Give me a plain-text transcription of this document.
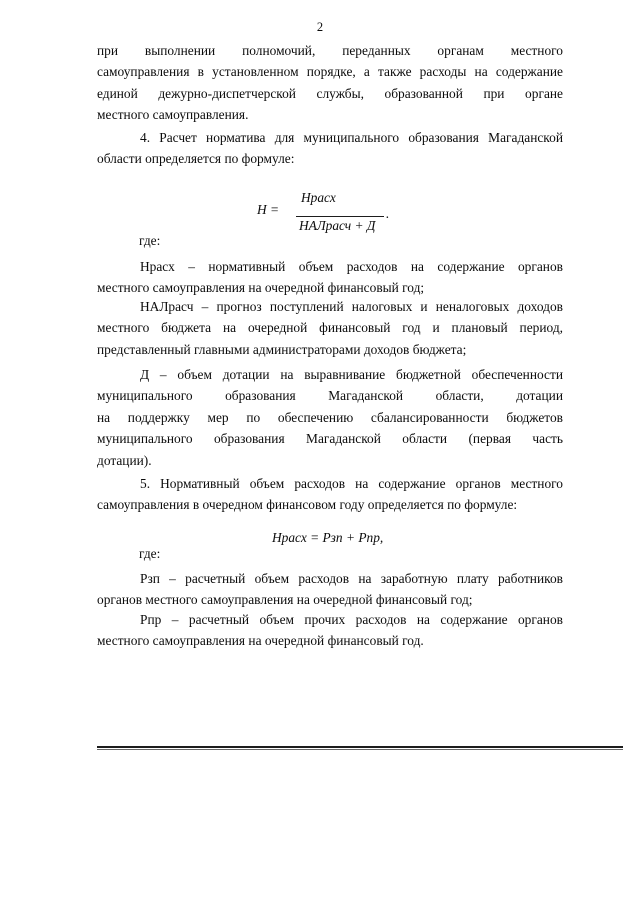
2

при выполнении полномочий, переданных органам местного

самоуправления в установленном порядке, а также расходы на содержание

единой дежурно-диспетчерской службы, образованной при органе

местного самоуправления.

4. Расчет норматива для муниципального образования Магаданской

области определяется по формуле:

Нрасх
Н =
НАЛрасч + Д
.
где:

Нрасх – нормативный объем расходов на содержание органов

местного самоуправления на очередной финансовый год;

НАЛрасч – прогноз поступлений налоговых и неналоговых доходов

местного бюджета на очередной финансовый год и плановый период,

представленный главными администраторами доходов бюджета;

Д – объем дотации на выравнивание бюджетной обеспеченности

муниципального образования Магаданской области, дотации

на поддержку мер по обеспечению сбалансированности бюджетов

муниципального образования Магаданской области (первая часть

дотации).

5. Нормативный объем расходов на содержание органов местного

самоуправления в очередном финансовом году определяется по формуле:

Нрасх = Рзп + Рпр,
где:

Рзп – расчетный объем расходов на заработную плату работников

органов местного самоуправления на очередной финансовый год;

Рпр – расчетный объем прочих расходов на содержание органов

местного самоуправления на очередной финансовый год.
